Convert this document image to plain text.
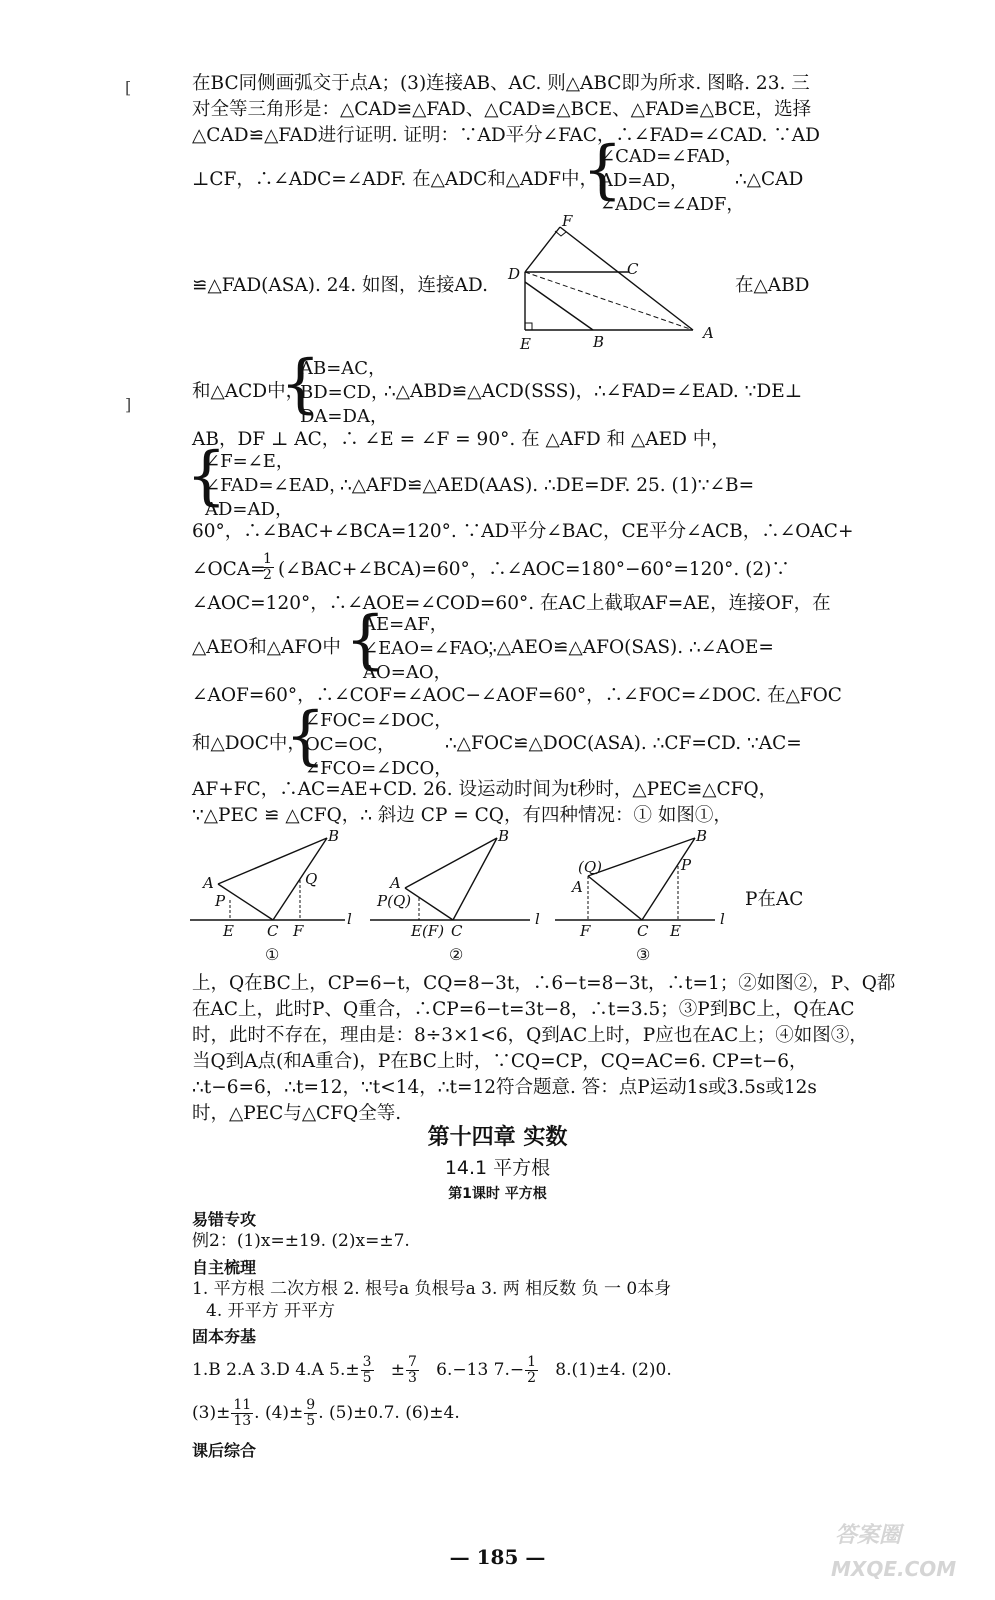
[
]
在BC同侧画弧交于点A；(3)连接AB、AC. 则△ABC即为所求. 图略. 23. 三
对全等三角形是：△CAD≌△FAD、△CAD≌△BCE、△FAD≌△BCE，选择
△CAD≌△FAD进行证明. 证明：∵AD平分∠FAC，∴∠FAD=∠CAD. ∵AD
⊥CF，∴∠ADC=∠ADF. 在△ADC和△ADF中，
{
∠CAD=∠FAD，
AD=AD，
∠ADC=∠ADF，
∴△CAD
F
C
D
A
E	B
≌△FAD(ASA). 24. 如图，连接AD.	在△ABD
和△ACD中，
{
AB=AC，
BD=CD，
DA=DA，
∴△ABD≌△ACD(SSS)，∴∠FAD=∠EAD. ∵DE⊥
AB，DF ⊥ AC，∴ ∠E = ∠F = 90°. 在 △AFD 和 △AED 中，
{
∠F=∠E，
∠FAD=∠EAD，
AD=AD，
∴△AFD≌△AED(AAS). ∴DE=DF. 25. (1)∵∠B=
60°，∴∠BAC+∠BCA=120°. ∵AD平分∠BAC，CE平分∠ACB，∴∠OAC+
∠OCA=
$\frac{1}{2}$ (∠BAC+∠BCA)=60°，∴∠AOC=180°−60°=120°. (2)∵
∠AOC=120°，∴∠AOE=∠COD=60°. 在AC上截取AF=AE，连接OF，在
△AEO和△AFO中 {
AE=AF，
∠EAO=∠FAO，
AO=AO，
∴△AEO≌△AFO(SAS). ∴∠AOE=
∠AOF=60°，∴∠COF=∠AOC−∠AOF=60°，∴∠FOC=∠DOC. 在△FOC
和△DOC中，
{
∠FOC=∠DOC，
OC=OC，
∠FCO=∠DCO，
∴△FOC≌△DOC(ASA). ∴CF=CD. ∵AC=
AF+FC，∴AC=AE+CD. 26. 设运动时间为t秒时，△PEC≌△CFQ，
∵△PEC ≌ △CFQ，∴ 斜边 CP = CQ，有四种情况：① 如图①，
B
A
P
Q
E C F
l
①
B
A
P(Q)
E(F) C
l
②
B
(Q)
A
P
F	C E
l
③
P在AC
上，Q在BC上，CP=6−t，CQ=8−3t，∴6−t=8−3t，∴t=1；②如图②，P、Q都
在AC上，此时P、Q重合，∴CP=6−t=3t−8，∴t=3.5；③P到BC上，Q在AC
时，此时不存在，理由是：8÷3×1<6，Q到AC上时，P应也在AC上；④如图③，
当Q到A点(和A重合)，P在BC上时，∵CQ=CP，CQ=AC=6. CP=t−6，
∴t−6=6，∴t=12，∵t<14，∴t=12符合题意. 答：点P运动1s或3.5s或12s
时，△PEC与△CFQ全等.
第十四章 实数
14.1 平方根
第1课时 平方根
易错专攻
例2：(1)x=±19. (2)x=±7.
自主梳理
1. 平方根 二次方根 2. 根号a 负根号a 3. 两 相反数 负 一 0本身
4. 开平方 开平方
固本夯基
1.B 2.A 3.D 4.A $5.\pm \frac{3}{5} \pm \frac{7}{3} 6.-13$ $7.- \frac{1}{2} 8.(1)\pm 4$. (2)0.
$(3)\pm \frac{11}{13}$ . $(4)\pm \frac{9}{5}$ . (5)±0.7. (6)±4.
课后综合
— 185 —
答案圈
MXQE.COM
